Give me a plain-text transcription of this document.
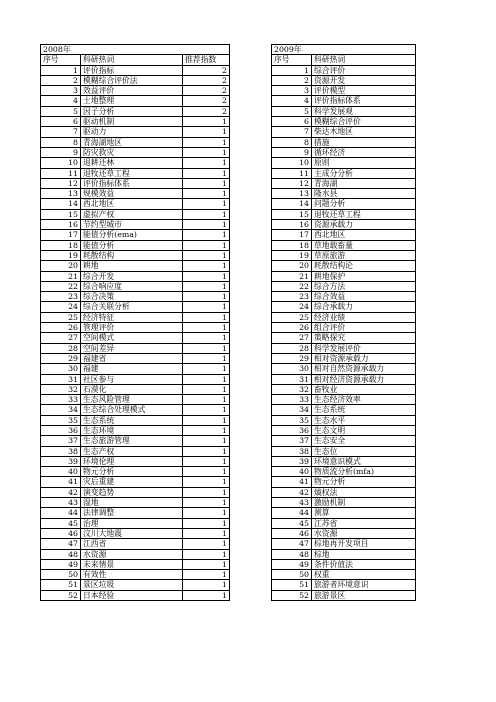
2008年				2009年	
序号	科研热词	推荐指数		序号	科研热词
1	评价指标	2		1	综合评价
2	模糊综合评价法	2		2	资源开发
3	效益评价	2		3	评价模型
4	土地整理	2		4	评价指标体系
5	因子分析	2		5	科学发展观
6	驱动机制	1		6	模糊综合评价
7	驱动力	1		7	柴达木地区
8	青海湖地区	1		8	措施
9	防灾救灾	1		9	循环经济
10	退耕还林	1		10	原则
11	退牧还草工程	1		11	主成分分析
12	评价指标体系	1		12	青海湖
13	规模效益	1		13	隆水县
14	西北地区	1		14	问题分析
15	虚拟产权	1		15	退牧还草工程
16	节约型城市	1		16	资源承载力
17	能值分析(ema)	1		17	西北地区
18	能值分析	1		18	草地载畜量
19	耗散结构	1		19	草原旅游
20	耕地	1		20	耗散结构论
21	综合开发	1		21	耕地保护
22	综合响应度	1		22	综合方法
23	综合决策	1		23	综合效益
24	综合关联分析	1		24	综合承载力
25	经济特征	1		25	经济业绩
26	管理评价	1		26	组合评价
27	空间模式	1		27	策略探究
28	空间差异	1		28	科学发展评价
29	福建省	1		29	相对资源承载力
30	福建	1		30	相对自然资源承载力
31	社区参与	1		31	相对经济资源承载力
32	石漠化	1		32	畜牧业
33	生态风险管理	1		33	生态经济效率
34	生态综合处理模式	1		34	生态系统
35	生态系统	1		35	生态水平
36	生态环境	1		36	生态文明
37	生态旅游管理	1		37	生态安全
38	生态产权	1		38	生态位
39	环境伦理	1		39	环境意识模式
40	物元分析	1		40	物质流分析(mfa)
41	灾后重建	1		41	物元分析
42	演变趋势	1		42	熵权法
43	湿地	1		43	激励机制
44	法律调整	1		44	测算
45	治理	1		45	江苏省
46	汶川大地震	1		46	水资源
47	江西省	1		47	棕地再开发项目
48	水资源	1		48	棕地
49	未来情景	1		49	条件价值法
50	有效性	1		50	权重
51	景区垃圾	1		51	旅游者环境意识
52	日本经验	1		52	旅游景区
